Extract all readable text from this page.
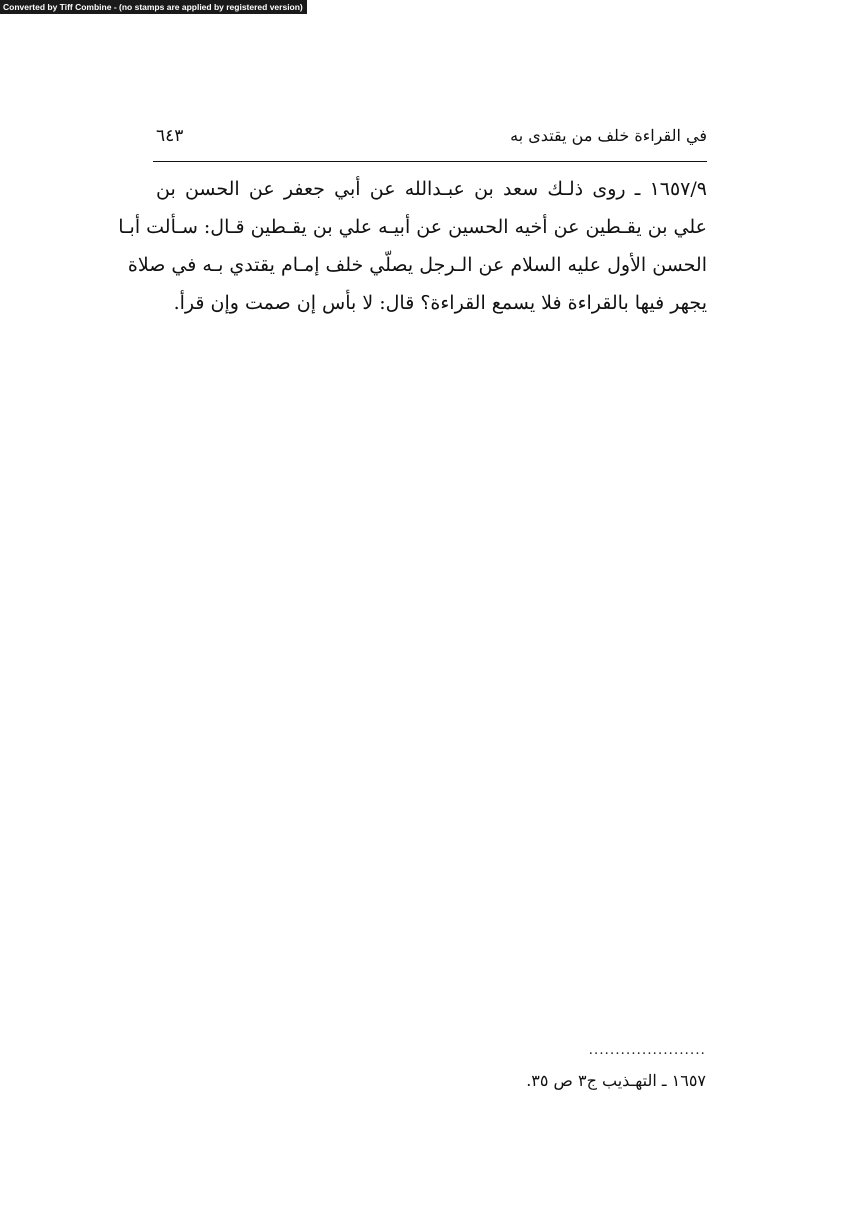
Converted by Tiff Combine - (no stamps are applied by registered version)
في القراءة خلف من يقتدى به
٦٤٣
١٦٥٧/٩ ـ روى ذلـك سعد بن عبـدالله عن أبي جعفر عن الحسن بن
علي بن يقـطين عن أخيه الحسين عن أبيـه علي بن يقـطين قـال: سـألت أبـا
الحسن الأول عليه السلام عن الـرجل يصلّي خلف إمـام يقتدي بـه في صلاة
يجهر فيها بالقراءة فلا يسمع القراءة؟ قال: لا بأس إن صمت وإن قرأ.
......................
١٦٥٧ ـ التهـذيب ج٣ ص ٣٥.
